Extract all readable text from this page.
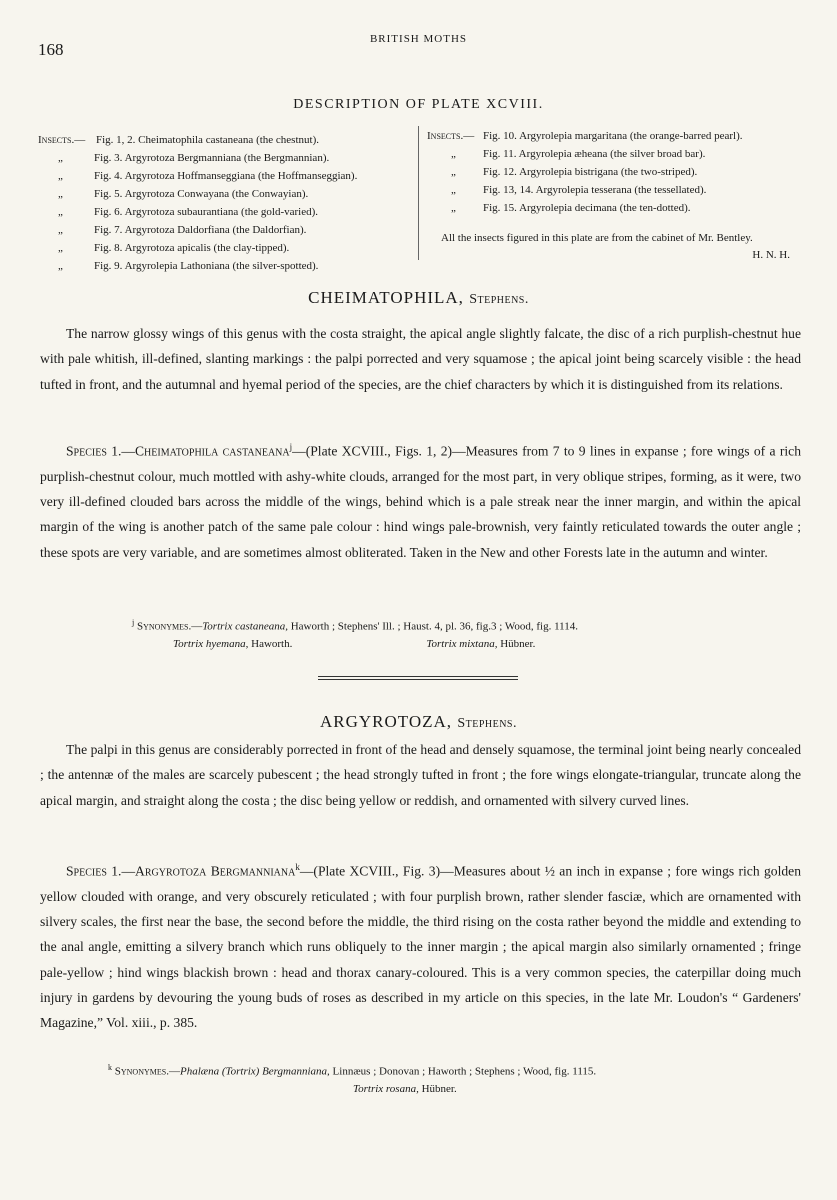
168
BRITISH MOTHS
DESCRIPTION OF PLATE XCVIII.
Insects.— Fig. 1, 2. Cheimatophila castaneana (the chestnut).
„	Fig. 3. Argyrotoza Bergmanniana (the Bergmannian).
„	Fig. 4. Argyrotoza Hoffmanseggiana (the Hoffmanseggian).
„	Fig. 5. Argyrotoza Conwayana (the Conwayian).
„	Fig. 6. Argyrotoza subaurantiana (the gold-varied).
„	Fig. 7. Argyrotoza Daldorfiana (the Daldorfian).
„	Fig. 8. Argyrotoza apicalis (the clay-tipped).
„	Fig. 9. Argyrolepia Lathoniana (the silver-spotted).
Insects.— Fig. 10. Argyrolepia margaritana (the orange-barred pearl).
„ Fig. 11. Argyrolepia æheana (the silver broad bar).
„ Fig. 12. Argyrolepia bistrigana (the two-striped).
„ Fig. 13, 14. Argyrolepia tesserana (the tessellated).
„ Fig. 15. Argyrolepia decimana (the ten-dotted).
All the insects figured in this plate are from the cabinet of Mr. Bentley.
H. N. H.
CHEIMATOPHILA, Stephens.
The narrow glossy wings of this genus with the costa straight, the apical angle slightly falcate, the disc of a rich purplish-chestnut hue with pale whitish, ill-defined, slanting markings : the palpi porrected and very squamose ; the apical joint being scarcely visible : the head tufted in front, and the autumnal and hyemal period of the species, are the chief characters by which it is distinguished from its relations.
Species 1.—Cheimatophila castaneana$^j$—(Plate XCVIII., Figs. 1, 2)—Measures from 7 to 9 lines in expanse ; fore wings of a rich purplish-chestnut colour, much mottled with ashy-white clouds, arranged for the most part, in very oblique stripes, forming, as it were, two very ill-defined clouded bars across the middle of the wings, behind which is a pale streak near the inner margin, and within the apical margin of the wing is another patch of the same pale colour : hind wings pale-brownish, very faintly reticulated towards the outer angle ; these spots are very variable, and are sometimes almost obliterated. Taken in the New and other Forests late in the autumn and winter.
$^j$ Synonymes.—Tortrix castaneana, Haworth ; Stephens' Ill. ; Haust. 4, pl. 36, fig.3 ; Wood, fig. 1114.
Tortrix hyemana, Haworth.	Tortrix mixtana, Hübner.
ARGYROTOZA, Stephens.
The palpi in this genus are considerably porrected in front of the head and densely squamose, the terminal joint being nearly concealed ; the antennæ of the males are scarcely pubescent ; the head strongly tufted in front ; the fore wings elongate-triangular, truncate along the apical margin, and straight along the costa ; the disc being yellow or reddish, and ornamented with silvery curved lines.
Species 1.—Argyrotoza Bergmanniana$^k$—(Plate XCVIII., Fig. 3)—Measures about ½ an inch in expanse ; fore wings rich golden yellow clouded with orange, and very obscurely reticulated ; with four purplish brown, rather slender fasciæ, which are ornamented with silvery scales, the first near the base, the second before the middle, the third rising on the costa rather beyond the middle and extending to the anal angle, emitting a silvery branch which runs obliquely to the inner margin ; the apical margin also similarly ornamented ; fringe pale-yellow ; hind wings blackish brown : head and thorax canary-coloured. This is a very common species, the caterpillar doing much injury in gardens by devouring the young buds of roses as described in my article on this species, in the late Mr. Loudon's “ Gardeners' Magazine,” Vol. xiii., p. 385.
$^k$ Synonymes.—Phalæna (Tortrix) Bergmanniana, Linnæus ; Donovan ; Haworth ; Stephens ; Wood, fig. 1115.
Tortrix rosana, Hübner.
